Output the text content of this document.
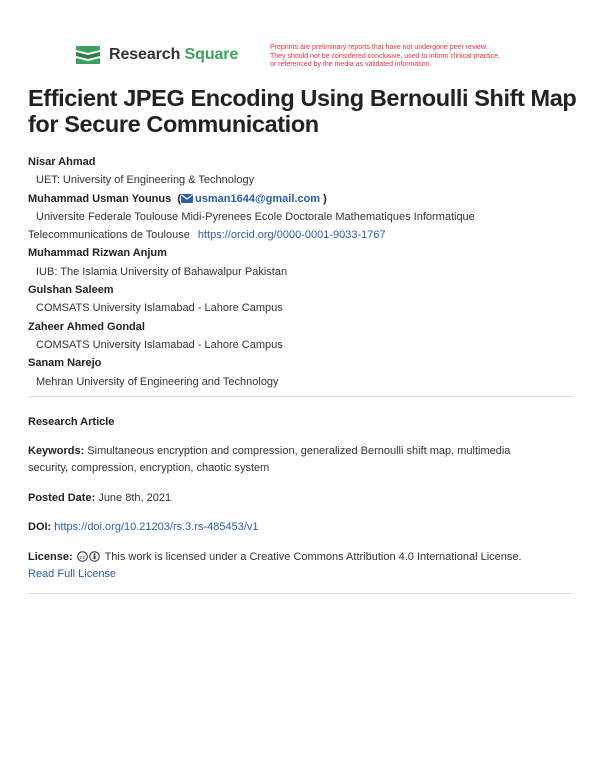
Research Square	Preprints are preliminary reports that have not undergone peer review.
They should not be considered conclusive, used to inform clinical practice,
or referenced by the media as validated information.
Efficient JPEG Encoding Using Bernoulli Shift Map
for Secure Communication
Nisar Ahmad
UET: University of Engineering & Technology
Muhammad Usman Younus  ( usman1644@gmail.com )
Universite Federale Toulouse Midi-Pyrenees Ecole Doctorale Mathematiques Informatique
Telecommunications de Toulouse https://orcid.org/0000-0001-9033-1767
Muhammad Rizwan Anjum
IUB: The Islamia University of Bahawalpur Pakistan
Gulshan Saleem
COMSATS University Islamabad - Lahore Campus
Zaheer Ahmed Gondal
COMSATS University Islamabad - Lahore Campus
Sanam Narejo
Mehran University of Engineering and Technology
Research Article
Keywords: Simultaneous encryption and compression, generalized Bernoulli shift map, multimedia
security, compression, encryption, chaotic system
Posted Date: June 8th, 2021
DOI: https://doi.org/10.21203/rs.3.rs-485453/v1
License: cc This work is licensed under a Creative Commons Attribution 4.0 International License.
Read Full License
